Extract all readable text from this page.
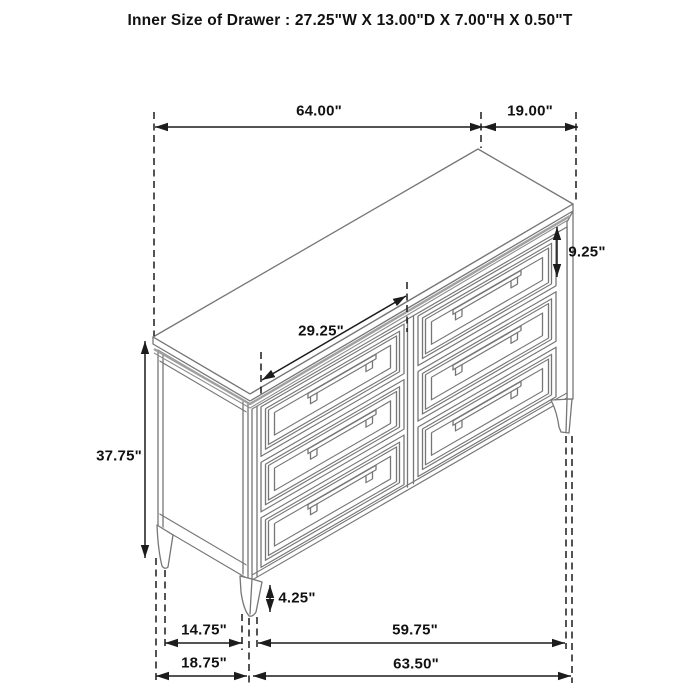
Inner Size of Drawer : 27.25"W X 13.00"D X 7.00"H X 0.50"T
64.00"	19.00"
9.25"
29.25"
37.75"
4.25"
14.75"	59.75"
18.75"	63.50"
